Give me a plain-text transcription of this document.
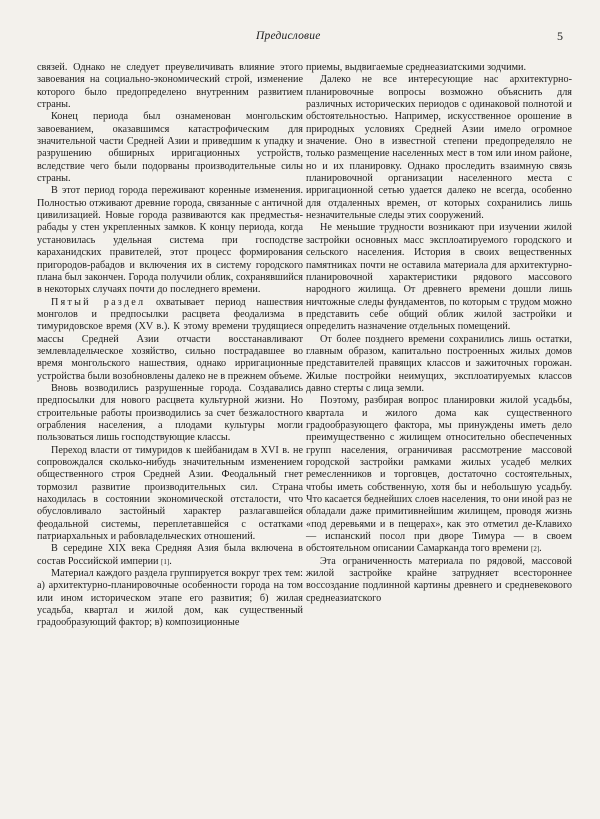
Предисловие	5

связей. Однако не следует преувеличивать влияние этого завоевания на социально-экономический строй, изменение которого было предопределено внутренним развитием страны.

Конец периода был ознаменован монгольским завоеванием, оказавшимся катастрофическим для значительной части Средней Азии и приведшим к упадку и разрушению обширных ирригационных устройств, вследствие чего были подорваны производительные силы страны.

В этот период города переживают коренные изменения. Полностью отживают древние города, связанные с античной цивилизацией. Новые города развиваются как предместья-рабады у стен укрепленных замков. К концу периода, когда установилась удельная система при господстве караханидских правителей, этот процесс формирования пригородов-рабадов и включения их в систему городского плана был закончен. Города получили облик, сохранявшийся в некоторых случаях почти до последнего времени.

Пятый раздел охватывает период нашествия монголов и предпосылки расцвета феодализма в тимуридовское время (XV в.). К этому времени трудящиеся массы Средней Азии отчасти восстанавливают землевладельческое хозяйство, сильно пострадавшее во время монгольского нашествия, однако ирригационные устройства были возобновлены далеко не в прежнем объеме.

Вновь возводились разрушенные города. Создавались предпосылки для нового расцвета культурной жизни. Но строительные работы производились за счет безжалостного ограбления населения, а плодами культуры могли пользоваться лишь господствующие классы.

Переход власти от тимуридов к шейбанидам в XVI в. не сопровождался сколько-нибудь значительным изменением общественного строя Средней Азии. Феодальный гнет тормозил развитие производительных сил. Страна находилась в состоянии экономической отсталости, что обусловливало застойный характер разлагавшейся феодальной системы, переплетавшейся с остатками патриархальных и рабовладельческих отношений.

В середине XIX века Средняя Азия была включена в состав Российской империи [1].

Материал каждого раздела группируется вокруг трех тем: а) архитектурно-планировочные особенности города на том или ином историческом этапе его развития; б) жилая усадьба, квартал и жилой дом, как существенный градообразующий фактор; в) композиционные

приемы, выдвигаемые среднеазиатскими зодчими.

Далеко не все интересующие нас архитектурно-планировочные вопросы возможно объяснить для различных исторических периодов с одинаковой полнотой и обстоятельностью. Например, искусственное орошение в природных условиях Средней Азии имело огромное значение. Оно в известной степени предопределяло не только размещение населенных мест в том или ином районе, но и их планировку. Однако проследить взаимную связь планировочной организации населенного места с ирригационной сетью удается далеко не всегда, особенно для отдаленных времен, от которых сохранились лишь незначительные следы этих сооружений.

Не меньшие трудности возникают при изучении жилой застройки основных масс эксплоатируемого городского и сельского населения. История в своих вещественных памятниках почти не оставила материала для архитектурно-планировочной характеристики рядового массового народного жилища. От древнего времени дошли лишь ничтожные следы фундаментов, по которым с трудом можно представить себе общий облик жилой застройки и определить назначение отдельных помещений.

От более позднего времени сохранились лишь остатки, главным образом, капитально построенных жилых домов представителей правящих классов и зажиточных горожан. Жилые постройки неимущих, эксплоатируемых классов давно стерты с лица земли.

Поэтому, разбирая вопрос планировки жилой усадьбы, квартала и жилого дома как существенного градообразующего фактора, мы принуждены иметь дело преимущественно с жилищем относительно обеспеченных групп населения, ограничивая рассмотрение массовой городской застройки рамками жилых усадеб мелких ремесленников и торговцев, достаточно состоятельных, чтобы иметь собственную, хотя бы и небольшую усадьбу. Что касается беднейших слоев населения, то они иной раз не обладали даже примитивнейшим жилищем, проводя жизнь «под деревьями и в пещерах», как это отметил де-Клавихо — испанский посол при дворе Тимура — в своем обстоятельном описании Самарканда того времени [2].

Эта ограниченность материала по рядовой, массовой жилой застройке крайне затрудняет всестороннее воссоздание подлинной картины древнего и средневекового среднеазиатского
